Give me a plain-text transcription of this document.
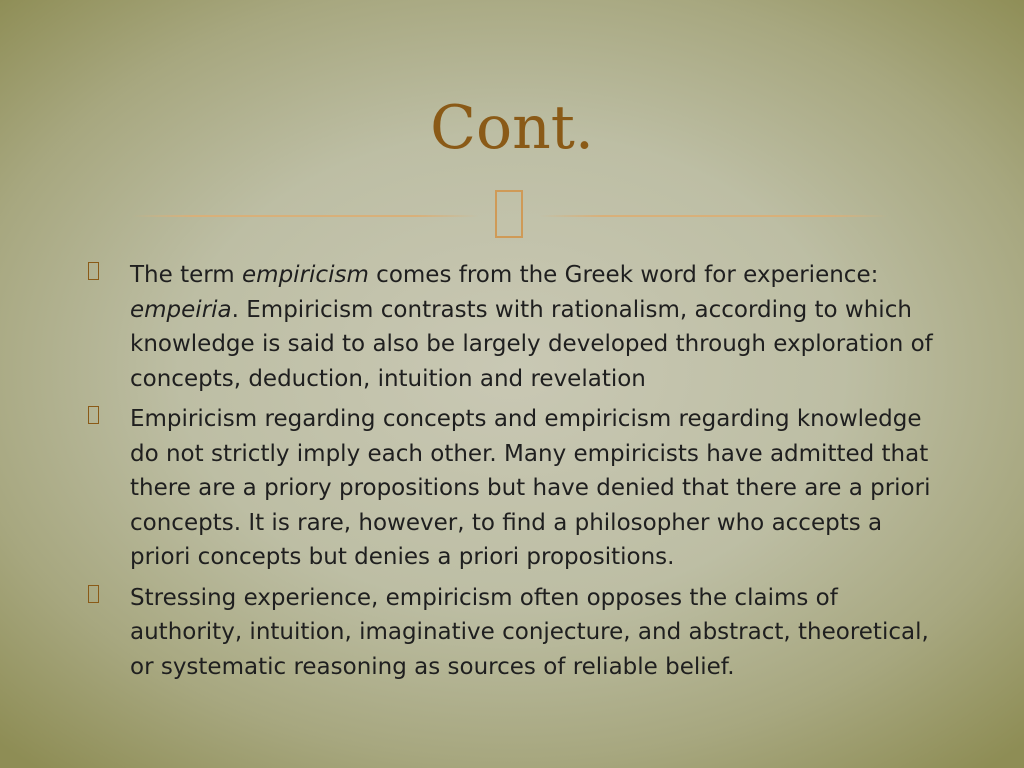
Cont.
The term empiricism comes from the Greek word for experience: empeiria. Empiricism contrasts with rationalism, according to which knowledge is said to also be largely developed through exploration of concepts, deduction, intuition and revelation
Empiricism regarding concepts and empiricism regarding knowledge do not strictly imply each other. Many empiricists have admitted that there are a priory propositions but have denied that there are a priori concepts. It is rare, however, to find a philosopher who accepts a priori concepts but denies a priori propositions.
Stressing experience, empiricism often opposes the claims of authority, intuition, imaginative conjecture, and abstract, theoretical, or systematic reasoning as sources of reliable belief.
